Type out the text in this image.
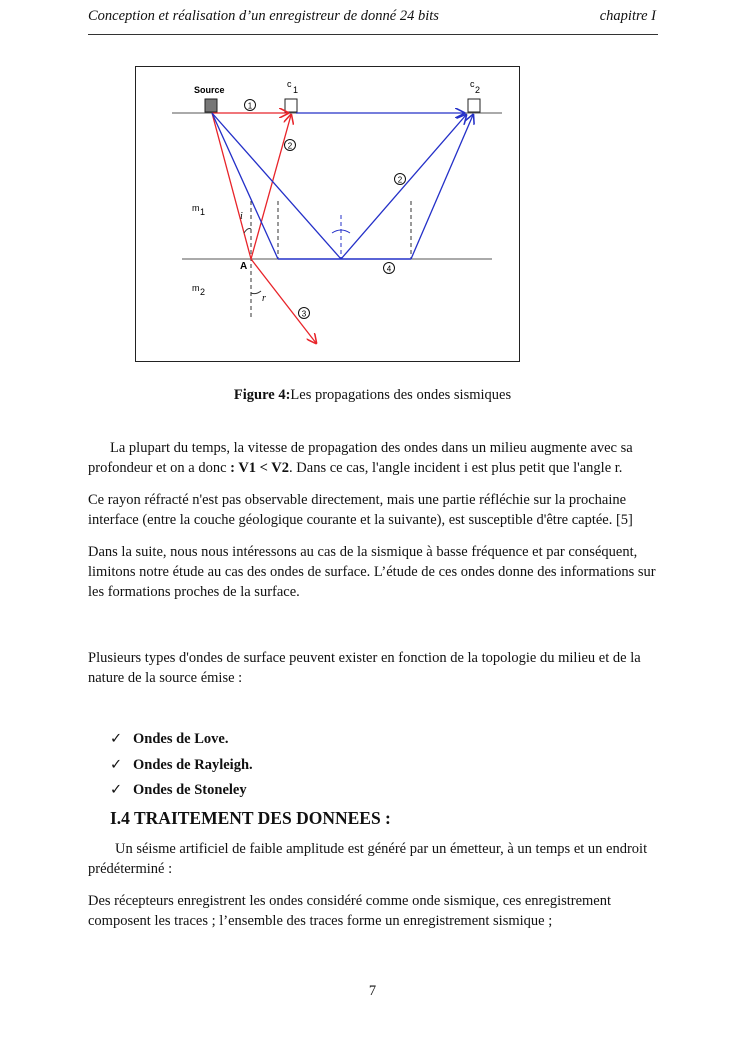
Conception et réalisation d’un enregistreur de donné 24 bits	chapitre I
Source
c
1
c
2
m 1
m 2
A
i
r
1
2
2
3
4
Figure 4:Les propagations des ondes sismiques

La plupart du temps, la vitesse de propagation des ondes dans un milieu augmente avec sa profondeur et on a donc : V1 < V2. Dans ce cas, l'angle incident i est plus petit que l'angle r.

Ce rayon réfracté n'est pas observable directement, mais une partie réfléchie sur la prochaine interface (entre la couche géologique courante et la suivante), est susceptible d'être captée. [5]

Dans la suite, nous nous intéressons au cas de la sismique à basse fréquence et par conséquent, limitons notre étude au cas des ondes de surface. L’étude de ces ondes donne des informations sur les formations proches de la surface.

Plusieurs types d'ondes de surface peuvent exister en fonction de la topologie du milieu et de la nature de la source émise :

✓ Ondes de Love.
✓ Ondes de Rayleigh.
✓ Ondes de Stoneley
I.4 TRAITEMENT DES DONNEES :

Un séisme artificiel de faible amplitude est généré par un émetteur, à un temps et un endroit prédéterminé :

Des récepteurs enregistrent les ondes considéré comme onde sismique, ces enregistrement composent les traces ; l’ensemble des traces forme un enregistrement sismique ;

7
